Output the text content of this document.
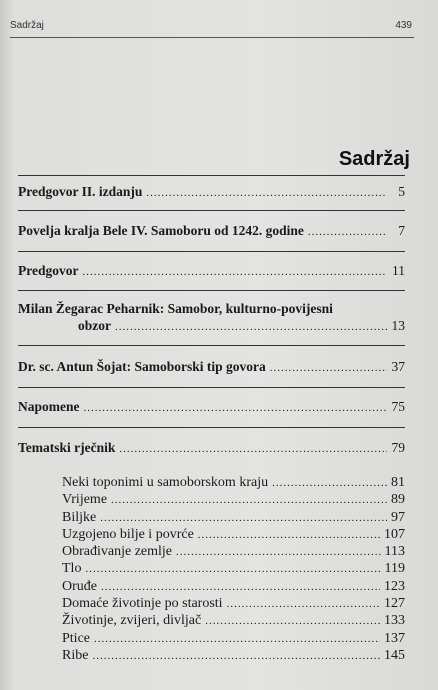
Sadržaj	439
Sadržaj
Predgovor II. izdanju .....	5
Povelja kralja Bele IV. Samoboru od 1242. godine .....	7
Predgovor .....	11
Milan Žegarac Peharnik: Samobor, kulturno-povijesni
obzor .....	13
Dr. sc. Antun Šojat: Samoborski tip govora .....	37
Napomene .....	75
Tematski rječnik .....	79
Neki toponimi u samoborskom kraju .....	81
Vrijeme .....	89
Biljke .....	97
Uzgojeno bilje i povrće .....	107
Obrađivanje zemlje .....	113
Tlo .....	119
Oruđe .....	123
Domaće životinje po starosti .....	127
Životinje, zvijeri, divljač .....	133
Ptice .....	137
Ribe .....	145
